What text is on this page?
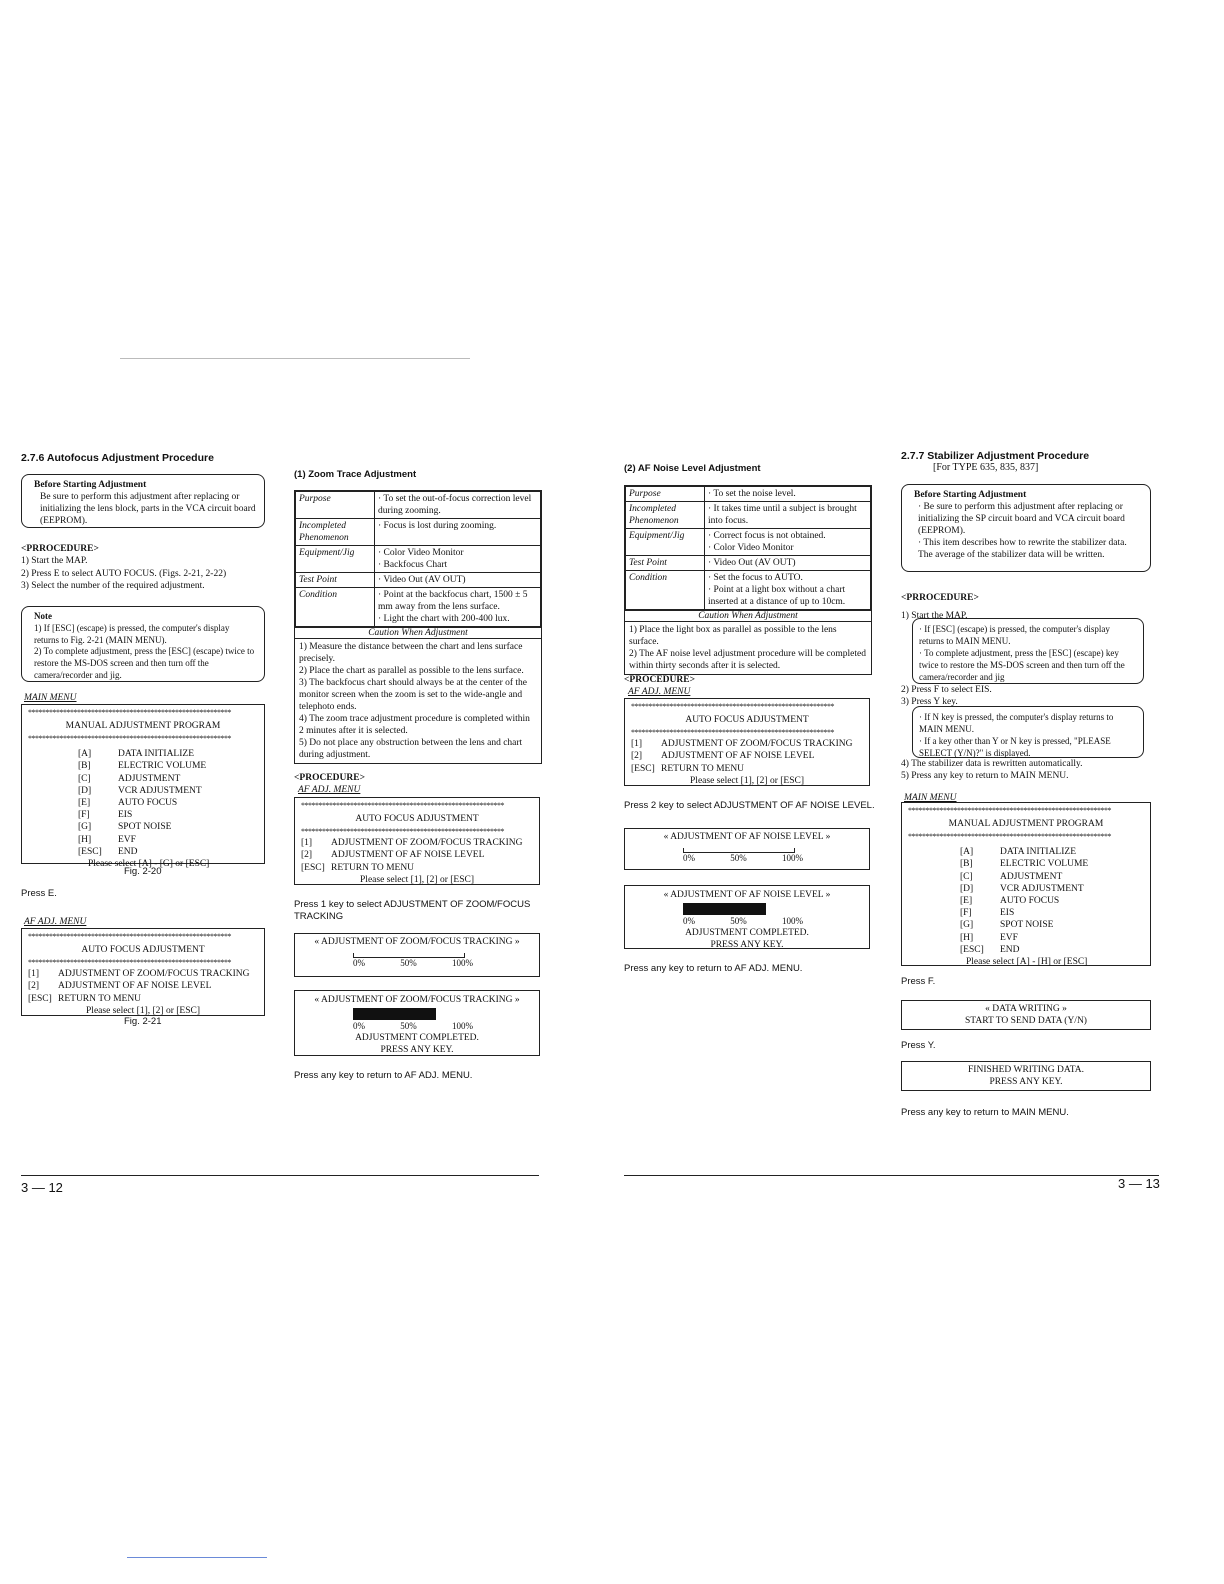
2.7.6 Autofocus Adjustment Procedure
Before Starting Adjustment
Be sure to perform this adjustment after replacing or initializing the lens block, parts in the VCA circuit board (EEPROM).
<PRROCEDURE>
1) Start the MAP.
2) Press E to select AUTO FOCUS. (Figs. 2-21, 2-22)
3) Select the number of the required adjustment.
Note
1) If [ESC] (escape) is pressed, the computer's display returns to Fig. 2-21 (MAIN MENU).
2) To complete adjustment, press the [ESC] (escape) twice to restore the MS-DOS screen and then turn off the camera/recorder and jig.
MAIN MENU
**********************************************************
MANUAL ADJUSTMENT PROGRAM
**********************************************************
[A]	DATA INITIALIZE
[B]	ELECTRIC VOLUME
[C]	ADJUSTMENT
[D]	VCR ADJUSTMENT
[E]	AUTO FOCUS
[F]	EIS
[G]	SPOT NOISE
[H]	EVF
[ESC]	END
Please select [A] - [G] or [ESC]
Fig. 2-20
Press E.
AF ADJ. MENU
**********************************************************
AUTO FOCUS ADJUSTMENT
**********************************************************
[1]	ADJUSTMENT OF ZOOM/FOCUS TRACKING
[2]	ADJUSTMENT OF AF NOISE LEVEL
[ESC] RETURN TO MENU
Please select [1], [2] or [ESC]
Fig. 2-21
(1) Zoom Trace Adjustment
Purpose	· To set the out-of-focus correction level during zooming.
Incompleted Phenomenon	· Focus is lost during zooming.
Equipment/Jig	· Color Video Monitor
· Backfocus Chart
Test Point	· Video Out (AV OUT)
Condition	· Point at the backfocus chart, 1500 ± 5 mm away from the lens surface.
· Light the chart with 200-400 lux.
Caution When Adjustment
1) Measure the distance between the chart and lens surface precisely.
2) Place the chart as parallel as possible to the lens surface.
3) The backfocus chart should always be at the center of the monitor screen when the zoom is set to the wide-angle and telephoto ends.
4) The zoom trace adjustment procedure is completed within 2 minutes after it is selected.
5) Do not place any obstruction between the lens and chart during adjustment.
<PROCEDURE>
AF ADJ. MENU
**********************************************************
AUTO FOCUS ADJUSTMENT
**********************************************************
[1]	ADJUSTMENT OF ZOOM/FOCUS TRACKING
[2]	ADJUSTMENT OF AF NOISE LEVEL
[ESC] RETURN TO MENU
Please select [1], [2] or [ESC]
Press 1 key to select ADJUSTMENT OF ZOOM/FOCUS TRACKING
« ADJUSTMENT OF ZOOM/FOCUS TRACKING »
0%	50%	100%
« ADJUSTMENT OF ZOOM/FOCUS TRACKING »
0%	50%	100%
ADJUSTMENT COMPLETED.
PRESS ANY KEY.
Press any key to return to AF ADJ. MENU.
3 — 12
(2) AF Noise Level Adjustment
Purpose	· To set the noise level.
Incompleted Phenomenon	· It takes time until a subject is brought into focus.
Equipment/Jig	· Correct focus is not obtained.
· Color Video Monitor
Test Point	· Video Out (AV OUT)
Condition	· Set the focus to AUTO.
· Point at a light box without a chart inserted at a distance of up to 10cm.
Caution When Adjustment
1) Place the light box as parallel as possible to the lens surface.
2) The AF noise level adjustment procedure will be completed within thirty seconds after it is selected.
<PROCEDURE>
AF ADJ. MENU
**********************************************************
AUTO FOCUS ADJUSTMENT
**********************************************************
[1]	ADJUSTMENT OF ZOOM/FOCUS TRACKING
[2]	ADJUSTMENT OF AF NOISE LEVEL
[ESC] RETURN TO MENU
Please select [1], [2] or [ESC]
Press 2 key to select ADJUSTMENT OF AF NOISE LEVEL.
« ADJUSTMENT OF AF NOISE LEVEL »
0%	50%	100%
« ADJUSTMENT OF AF NOISE LEVEL »
0%	50%	100%
ADJUSTMENT COMPLETED.
PRESS ANY KEY.
Press any key to return to AF ADJ. MENU.
2.7.7 Stabilizer Adjustment Procedure
[For TYPE 635, 835, 837]
Before Starting Adjustment
· Be sure to perform this adjustment after replacing or initializing the SP circuit board and VCA circuit board (EEPROM).
· This item describes how to rewrite the stabilizer data. The average of the stabilizer data will be written.
<PRROCEDURE>
1) Start the MAP.
· If [ESC] (escape) is pressed, the computer's display returns to MAIN MENU.
· To complete adjustment, press the [ESC] (escape) key twice to restore the MS-DOS screen and then turn off the camera/recorder and jig
2) Press F to select EIS.
3) Press Y key.
· If N key is pressed, the computer's display returns to MAIN MENU.
· If a key other than Y or N key is pressed, "PLEASE SELECT (Y/N)?" is displayed.
4) The stabilizer data is rewritten automatically.
5) Press any key to return to MAIN MENU.
MAIN MENU
**********************************************************
MANUAL ADJUSTMENT PROGRAM
**********************************************************
[A]	DATA INITIALIZE
[B]	ELECTRIC VOLUME
[C]	ADJUSTMENT
[D]	VCR ADJUSTMENT
[E]	AUTO FOCUS
[F]	EIS
[G]	SPOT NOISE
[H]	EVF
[ESC]	END
Please select [A] - [H] or [ESC]
Press F.
« DATA WRITING »
START TO SEND DATA (Y/N)
Press Y.
FINISHED WRITING DATA.
PRESS ANY KEY.
Press any key to return to MAIN MENU.
3 — 13
